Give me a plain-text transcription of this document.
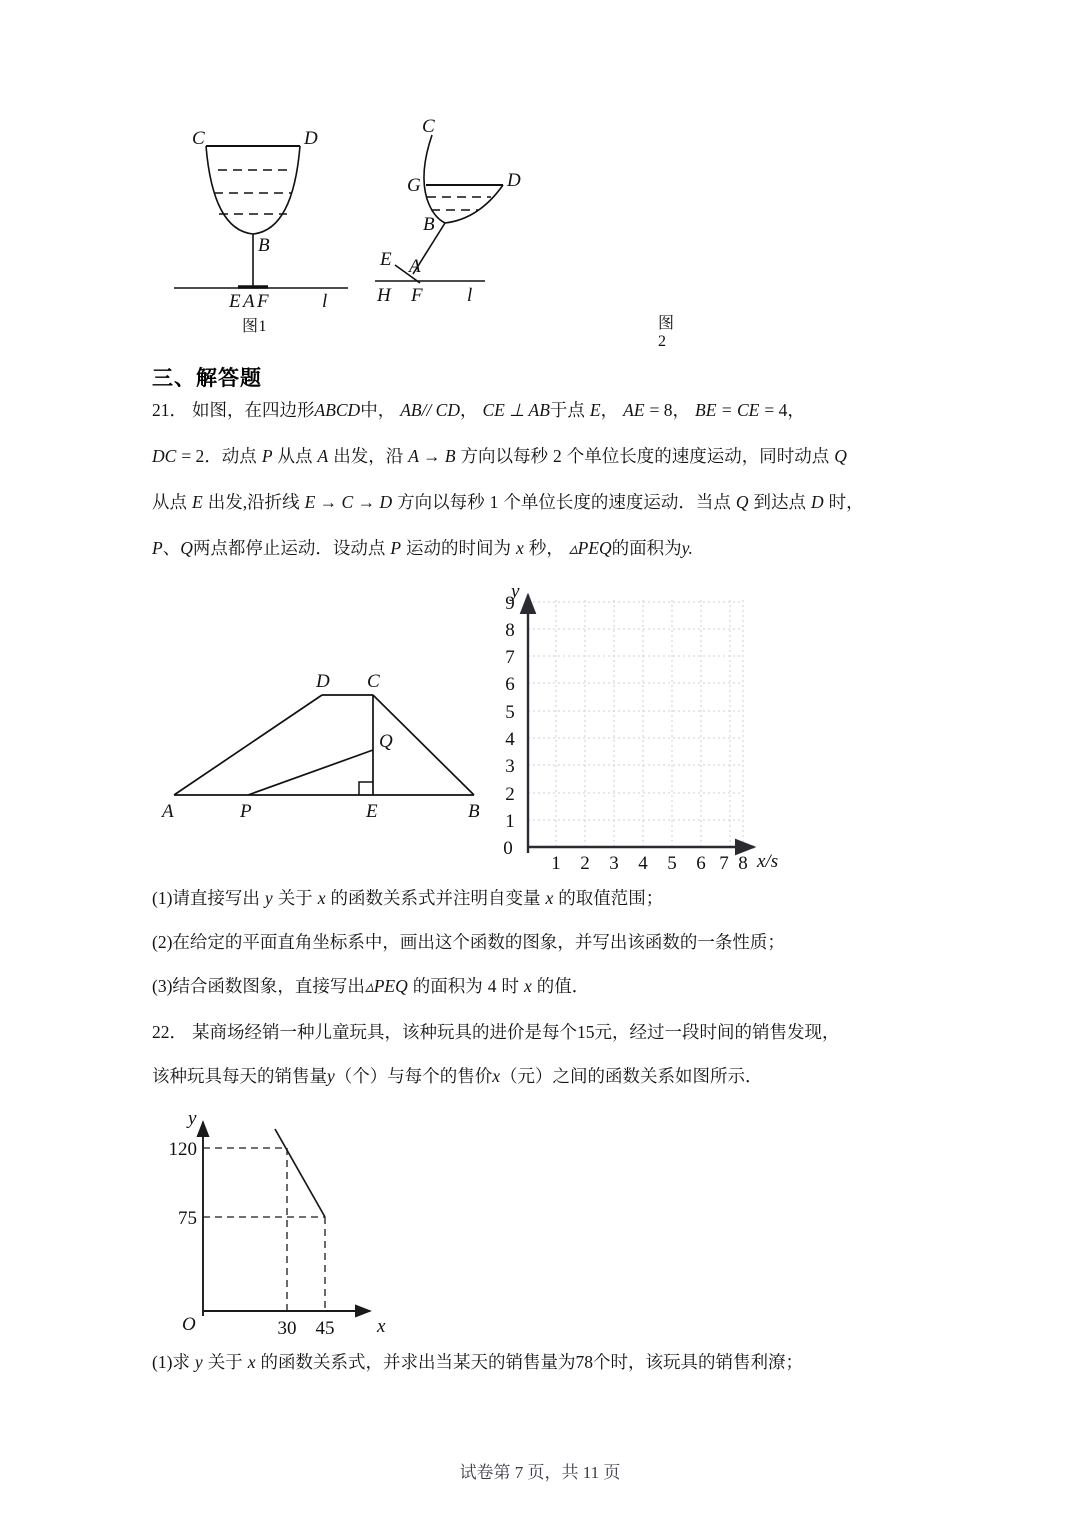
C	D
B
E A F	l
图1
C
G	D
B
E A
H F l
图2
三、解答题
21． 如图，在四边形ABCD中， AB// CD， CE ⊥ AB于点 E， AE = 8， BE = CE = 4，
DC = 2．动点 P 从点 A 出发，沿 A → B 方向以每秒 2 个单位长度的速度运动，同时动点 Q
从点 E 出发,沿折线 E → C → D 方向以每秒 1 个单位长度的速度运动．当点 Q 到达点 D 时，
P、Q两点都停止运动．设动点 P 运动的时间为 x 秒， ▵PEQ的面积为y.
A	P	E	B
D C
Q
y
x/s
0
1
2
3
4
5
6
7
8
9
1 2 3 4 5 6 7 8
(1)请直接写出 y 关于 x 的函数关系式并注明自变量 x 的取值范围；
(2)在给定的平面直角坐标系中，画出这个函数的图象，并写出该函数的一条性质；
(3)结合函数图象，直接写出▵PEQ 的面积为 4 时 x 的值．
22． 某商场经销一种儿童玩具，该种玩具的进价是每个15元，经过一段时间的销售发现，
该种玩具每天的销售量y（个）与每个的售价x（元）之间的函数关系如图所示．
y
x
O
120
75
30 45
(1)求 y 关于 x 的函数关系式，并求出当某天的销售量为78个时，该玩具的销售利潦；
试卷第 7 页，共 11 页
